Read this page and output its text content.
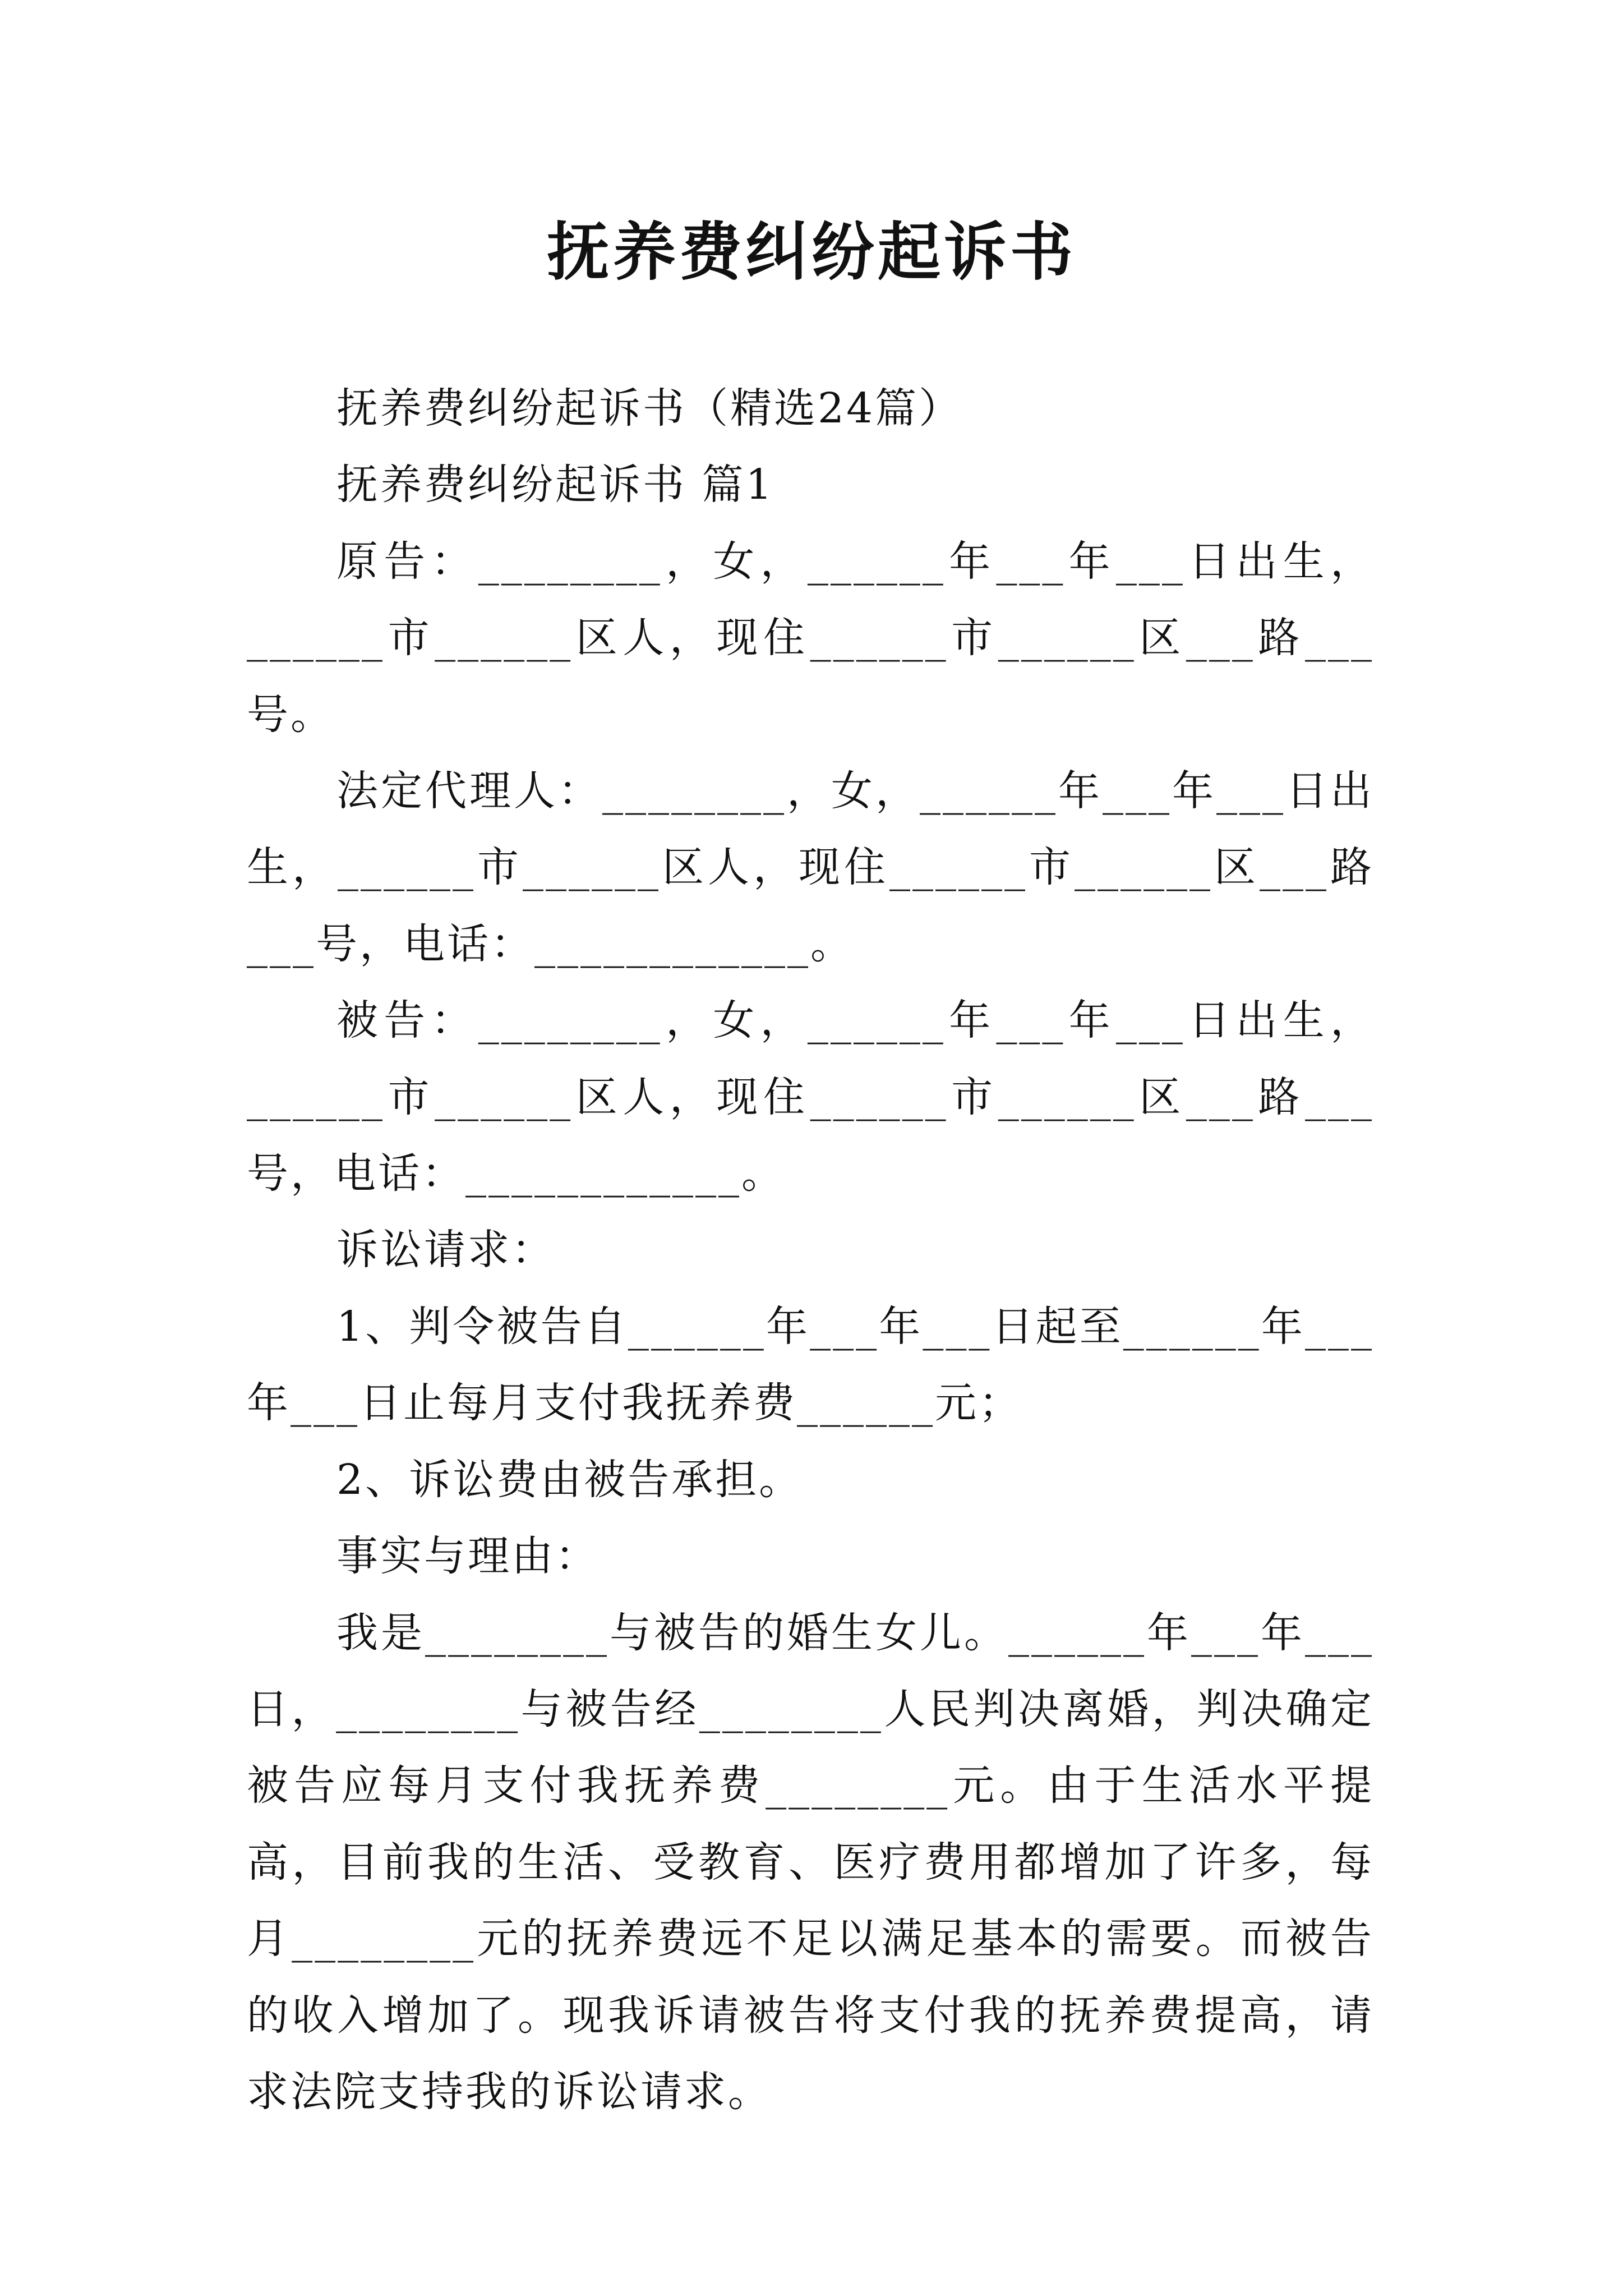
抚养费纠纷起诉书

抚养费纠纷起诉书（精选24篇）

抚养费纠纷起诉书 篇1

原告：________，女，______年___年___日出生，______市______区人，现住______市______区___路___号。

法定代理人：________，女，______年___年___日出生，______市______区人，现住______市______区___路___号，电话：____________。

被告：________，女，______年___年___日出生，______市______区人，现住______市______区___路___号，电话：____________。

诉讼请求：

1、判令被告自______年___年___日起至______年___年___日止每月支付我抚养费______元；

2、诉讼费由被告承担。

事实与理由：

我是________与被告的婚生女儿。______年___年___日，________与被告经________人民判决离婚，判决确定被告应每月支付我抚养费________元。由于生活水平提高，目前我的生活、受教育、医疗费用都增加了许多，每月________元的抚养费远不足以满足基本的需要。而被告的收入增加了。现我诉请被告将支付我的抚养费提高，请求法院支持我的诉讼请求。
